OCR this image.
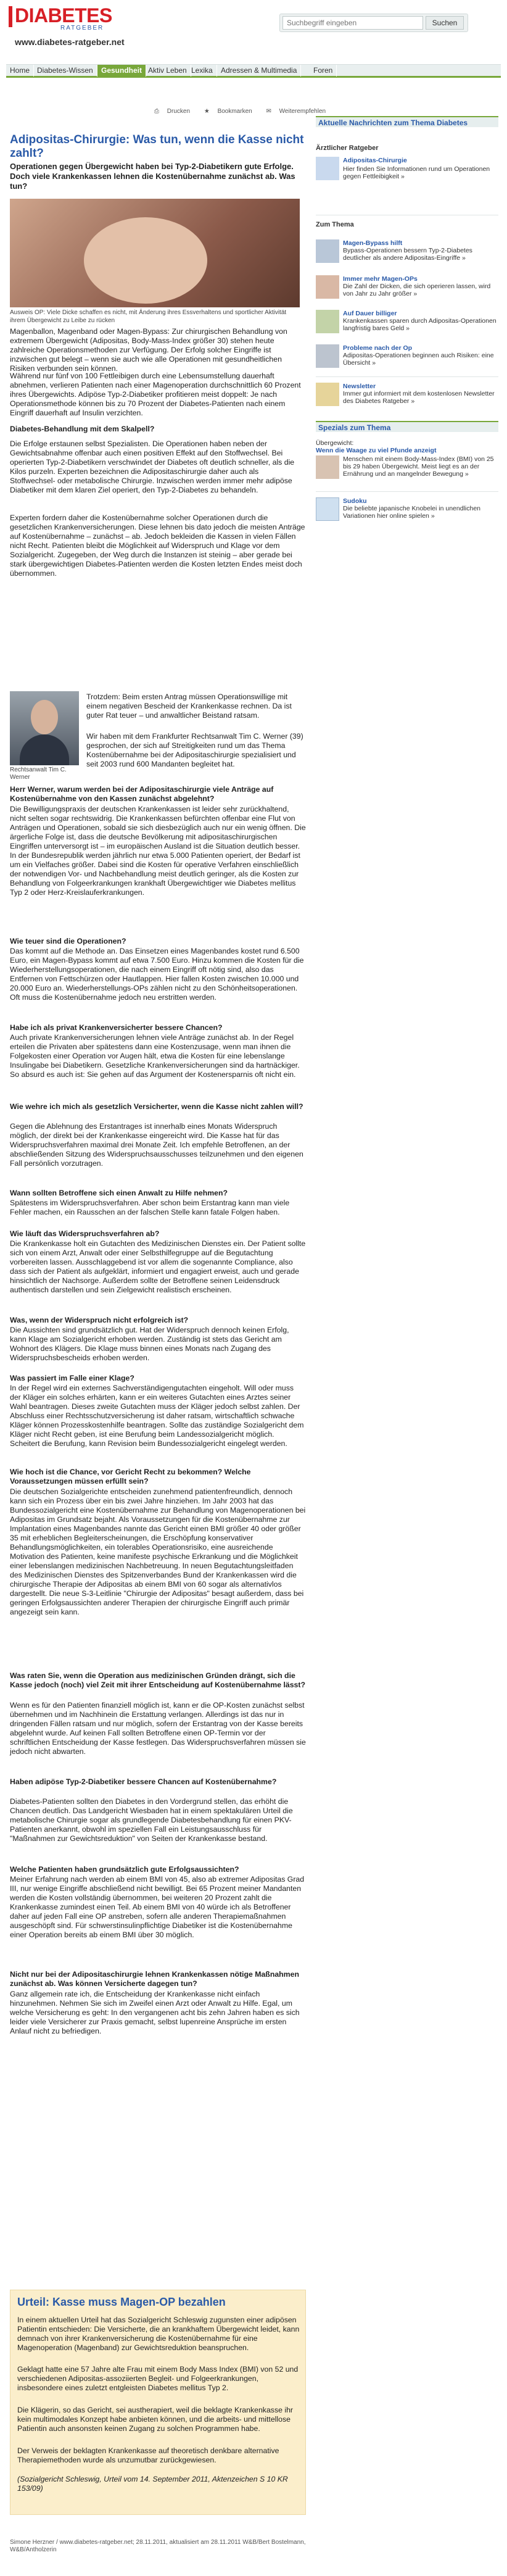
DIABETES
RATGEBER
www.diabetes-ratgeber.net
Suchbegriff eingeben
Suchen
Home Diabetes-Wissen	Gesundheit Aktiv Leben Lexika	Adressen & Multimedia	Foren
⎙ Drucken ★ Bookmarken ✉ Weiterempfehlen
Adipositas-Chirurgie: Was tun, wenn die Kasse nicht zahlt?
Operationen gegen Übergewicht haben bei Typ-2-Diabetikern gute Erfolge. Doch viele Krankenkassen lehnen die Kostenübernahme zunächst ab. Was tun?
Ausweis OP: Viele Dicke schaffen es nicht, mit Änderung ihres Essverhaltens und sportlicher Aktivität ihrem Übergewicht zu Leibe zu rücken
Magenballon, Magenband oder Magen-Bypass: Zur chirurgischen Behandlung von extremem Übergewicht (Adipositas, Body-Mass-Index größer 30) stehen heute zahlreiche Operationsmethoden zur Verfügung. Der Erfolg solcher Eingriffe ist inzwischen gut belegt – wenn sie auch wie alle Operationen mit gesundheitlichen Risiken verbunden sein können.
Während nur fünf von 100 Fettleibigen durch eine Lebensumstellung dauerhaft abnehmen, verlieren Patienten nach einer Magenoperation durchschnittlich 60 Prozent ihres Übergewichts. Adipöse Typ-2-Diabetiker profitieren meist doppelt: Je nach Operationsmethode können bis zu 70 Prozent der Diabetes-Patienten nach einem Eingriff dauerhaft auf Insulin verzichten.
Diabetes-Behandlung mit dem Skalpell?
Die Erfolge erstaunen selbst Spezialisten. Die Operationen haben neben der Gewichtsabnahme offenbar auch einen positiven Effekt auf den Stoffwechsel. Bei operierten Typ-2-Diabetikern verschwindet der Diabetes oft deutlich schneller, als die Kilos purzeln. Experten bezeichnen die Adipositaschirurgie daher auch als Stoffwechsel- oder metabolische Chirurgie. Inzwischen werden immer mehr adipöse Diabetiker mit dem klaren Ziel operiert, den Typ-2-Diabetes zu behandeln.
Experten fordern daher die Kostenübernahme solcher Operationen durch die gesetzlichen Krankenversicherungen. Diese lehnen bis dato jedoch die meisten Anträge auf Kostenübernahme – zunächst – ab. Jedoch bekleiden die Kassen in vielen Fällen nicht Recht. Patienten bleibt die Möglichkeit auf Widerspruch und Klage vor dem Sozialgericht. Zugegeben, der Weg durch die Instanzen ist steinig – aber gerade bei stark übergewichtigen Diabetes-Patienten werden die Kosten letzten Endes meist doch übernommen.
Rechtsanwalt Tim C. Werner
Trotzdem: Beim ersten Antrag müssen Operationswillige mit einem negativen Bescheid der Krankenkasse rechnen. Da ist guter Rat teuer – und anwaltlicher Beistand ratsam.
Wir haben mit dem Frankfurter Rechtsanwalt Tim C. Werner (39) gesprochen, der sich auf Streitigkeiten rund um das Thema Kostenübernahme bei der Adipositaschirurgie spezialisiert und seit 2003 rund 600 Mandanten begleitet hat.
Herr Werner, warum werden bei der Adipositaschirurgie viele Anträge auf Kostenübernahme von den Kassen zunächst abgelehnt?
Die Bewilligungspraxis der deutschen Krankenkassen ist leider sehr zurückhaltend, nicht selten sogar rechtswidrig. Die Krankenkassen befürchten offenbar eine Flut von Anträgen und Operationen, sobald sie sich diesbezüglich auch nur ein wenig öffnen. Die ärgerliche Folge ist, dass die deutsche Bevölkerung mit adipositaschirurgischen Eingriffen unterversorgt ist – im europäischen Ausland ist die Situation deutlich besser. In der Bundesrepublik werden jährlich nur etwa 5.000 Patienten operiert, der Bedarf ist um ein Vielfaches größer. Dabei sind die Kosten für operative Verfahren einschließlich der notwendigen Vor- und Nachbehandlung meist deutlich geringer, als die Kosten zur Behandlung von Folgeerkrankungen krankhaft Übergewichtiger wie Diabetes mellitus Typ 2 oder Herz-Kreislauferkrankungen.
Wie teuer sind die Operationen?
Das kommt auf die Methode an. Das Einsetzen eines Magenbandes kostet rund 6.500 Euro, ein Magen-Bypass kommt auf etwa 7.500 Euro. Hinzu kommen die Kosten für die Wiederherstellungsoperationen, die nach einem Eingriff oft nötig sind, also das Entfernen von Fettschürzen oder Hautlappen. Hier fallen Kosten zwischen 10.000 und 20.000 Euro an. Wiederherstellungs-OPs zählen nicht zu den Schönheitsoperationen. Oft muss die Kostenübernahme jedoch neu erstritten werden.
Habe ich als privat Krankenversicherter bessere Chancen?
Auch private Krankenversicherungen lehnen viele Anträge zunächst ab. In der Regel erteilen die Privaten aber spätestens dann eine Kostenzusage, wenn man ihnen die Folgekosten einer Operation vor Augen hält, etwa die Kosten für eine lebenslange Insulingabe bei Diabetikern. Gesetzliche Krankenversicherungen sind da hartnäckiger. So absurd es auch ist: Sie gehen auf das Argument der Kostenersparnis oft nicht ein.
Wie wehre ich mich als gesetzlich Versicherter, wenn die Kasse nicht zahlen will?
Gegen die Ablehnung des Erstantrages ist innerhalb eines Monats Widerspruch möglich, der direkt bei der Krankenkasse eingereicht wird. Die Kasse hat für das Widerspruchsverfahren maximal drei Monate Zeit. Ich empfehle Betroffenen, an der abschließenden Sitzung des Widerspruchsausschusses teilzunehmen und den eigenen Fall persönlich vorzutragen.
Wann sollten Betroffene sich einen Anwalt zu Hilfe nehmen?
Spätestens im Widerspruchsverfahren. Aber schon beim Erstantrag kann man viele Fehler machen, ein Rausschen an der falschen Stelle kann fatale Folgen haben.
Wie läuft das Widerspruchsverfahren ab?
Die Krankenkasse holt ein Gutachten des Medizinischen Dienstes ein. Der Patient sollte sich von einem Arzt, Anwalt oder einer Selbsthilfegruppe auf die Begutachtung vorbereiten lassen. Ausschlaggebend ist vor allem die sogenannte Compliance, also dass sich der Patient als aufgeklärt, informiert und engagiert erweist, auch und gerade hinsichtlich der Nachsorge. Außerdem sollte der Betroffene seinen Leidensdruck authentisch darstellen und sein Zielgewicht realistisch erscheinen.
Was, wenn der Widerspruch nicht erfolgreich ist?
Die Aussichten sind grundsätzlich gut. Hat der Widerspruch dennoch keinen Erfolg, kann Klage am Sozialgericht erhoben werden. Zuständig ist stets das Gericht am Wohnort des Klägers. Die Klage muss binnen eines Monats nach Zugang des Widerspruchsbescheids erhoben werden.
Was passiert im Falle einer Klage?
In der Regel wird ein externes Sachverständigengutachten eingeholt. Will oder muss der Kläger ein solches erhärten, kann er ein weiteres Gutachten eines Arztes seiner Wahl beantragen. Dieses zweite Gutachten muss der Kläger jedoch selbst zahlen. Der Abschluss einer Rechtsschutzversicherung ist daher ratsam, wirtschaftlich schwache Kläger können Prozesskostenhilfe beantragen. Sollte das zuständige Sozialgericht dem Kläger nicht Recht geben, ist eine Berufung beim Landessozialgericht möglich. Scheitert die Berufung, kann Revision beim Bundessozialgericht eingelegt werden.
Wie hoch ist die Chance, vor Gericht Recht zu bekommen? Welche Voraussetzungen müssen erfüllt sein?
Die deutschen Sozialgerichte entscheiden zunehmend patientenfreundlich, dennoch kann sich ein Prozess über ein bis zwei Jahre hinziehen. Im Jahr 2003 hat das Bundessozialgericht eine Kostenübernahme zur Behandlung von Magenoperationen bei Adipositas im Grundsatz bejaht. Als Voraussetzungen für die Kostenübernahme zur Implantation eines Magenbandes nannte das Gericht einen BMI größer 40 oder größer 35 mit erheblichen Begleiterscheinungen, die Erschöpfung konservativer Behandlungsmöglichkeiten, ein tolerables Operationsrisiko, eine ausreichende Motivation des Patienten, keine manifeste psychische Erkrankung und die Möglichkeit einer lebenslangen medizinischen Nachbetreuung. In neuen Begutachtungsleitfaden des Medizinischen Dienstes des Spitzenverbandes Bund der Krankenkassen wird die chirurgische Therapie der Adipositas ab einem BMI von 60 sogar als alternativlos dargestellt. Die neue S-3-Leitlinie "Chirurgie der Adipositas" besagt außerdem, dass bei geringen Erfolgsaussichten anderer Therapien der chirurgische Eingriff auch primär angezeigt sein kann.
Was raten Sie, wenn die Operation aus medizinischen Gründen drängt, sich die Kasse jedoch (noch) viel Zeit mit ihrer Entscheidung auf Kostenübernahme lässt?
Wenn es für den Patienten finanziell möglich ist, kann er die OP-Kosten zunächst selbst übernehmen und im Nachhinein die Erstattung verlangen. Allerdings ist das nur in dringenden Fällen ratsam und nur möglich, sofern der Erstantrag von der Kasse bereits abgelehnt wurde. Auf keinen Fall sollten Betroffene einen OP-Termin vor der schriftlichen Entscheidung der Kasse festlegen. Das Widerspruchsverfahren müssen sie jedoch nicht abwarten.
Haben adipöse Typ-2-Diabetiker bessere Chancen auf Kostenübernahme?
Diabetes-Patienten sollten den Diabetes in den Vordergrund stellen, das erhöht die Chancen deutlich. Das Landgericht Wiesbaden hat in einem spektakulären Urteil die metabolische Chirurgie sogar als grundlegende Diabetesbehandlung für einen PKV-Patienten anerkannt, obwohl im speziellen Fall ein Leistungsausschluss für "Maßnahmen zur Gewichtsreduktion" von Seiten der Krankenkasse bestand.
Welche Patienten haben grundsätzlich gute Erfolgsaussichten?
Meiner Erfahrung nach werden ab einem BMI von 45, also ab extremer Adipositas Grad III, nur wenige Eingriffe abschließend nicht bewilligt. Bei 65 Prozent meiner Mandanten werden die Kosten vollständig übernommen, bei weiteren 20 Prozent zahlt die Krankenkasse zumindest einen Teil. Ab einem BMI von 40 würde ich als Betroffener daher auf jeden Fall eine OP anstreben, sofern alle anderen Therapiemaßnahmen ausgeschöpft sind. Für schwerstinsulinpflichtige Diabetiker ist die Kostenübernahme einer Operation bereits ab einem BMI über 30 möglich.
Nicht nur bei der Adipositaschirurgie lehnen Krankenkassen nötige Maßnahmen zunächst ab. Was können Versicherte dagegen tun?
Ganz allgemein rate ich, die Entscheidung der Krankenkasse nicht einfach hinzunehmen. Nehmen Sie sich im Zweifel einen Arzt oder Anwalt zu Hilfe. Egal, um welche Versicherung es geht: In den vergangenen acht bis zehn Jahren haben es sich leider viele Versicherer zur Praxis gemacht, selbst lupenreine Ansprüche im ersten Anlauf nicht zu befriedigen.
Urteil: Kasse muss Magen-OP bezahlen
In einem aktuellen Urteil hat das Sozialgericht Schleswig zugunsten einer adipösen Patientin entschieden: Die Versicherte, die an krankhaftem Übergewicht leidet, kann demnach von ihrer Krankenversicherung die Kostenübernahme für eine Magenoperation (Magenband) zur Gewichtsreduktion beanspruchen.
Geklagt hatte eine 57 Jahre alte Frau mit einem Body Mass Index (BMI) von 52 und verschiedenen Adipositas-assoziierten Begleit- und Folgeerkrankungen, insbesondere eines zuletzt entgleisten Diabetes mellitus Typ 2.
Die Klägerin, so das Gericht, sei austherapiert, weil die beklagte Krankenkasse ihr kein multimodales Konzept habe anbieten können, und die arbeits- und mittellose Patientin auch ansonsten keinen Zugang zu solchen Programmen habe.
Der Verweis der beklagten Krankenkasse auf theoretisch denkbare alternative Therapiemethoden wurde als unzumutbar zurückgewiesen.
(Sozialgericht Schleswig, Urteil vom 14. September 2011, Aktenzeichen S 10 KR 153/09)
Simone Herzner / www.diabetes-ratgeber.net; 28.11.2011, aktualisiert am 28.11.2011 W&B/Bert Bostelmann, W&B/Antholzerin
Aktuelle Nachrichten zum Thema Diabetes
Ärztlicher Ratgeber
Adipositas-Chirurgie
Hier finden Sie Informationen rund um Operationen gegen Fettleibigkeit »
Zum Thema
Magen-Bypass hilft
Bypass-Operationen bessern Typ-2-Diabetes deutlicher als andere Adipositas-Eingriffe »
Immer mehr Magen-OPs
Die Zahl der Dicken, die sich operieren lassen, wird von Jahr zu Jahr größer »
Auf Dauer billiger
Krankenkassen sparen durch Adipositas-Operationen langfristig bares Geld »
Probleme nach der Op
Adipositas-Operationen beginnen auch Risiken: eine Übersicht »
Newsletter
Immer gut informiert mit dem kostenlosen Newsletter des Diabetes Ratgeber »
Spezials zum Thema
Übergewicht:
Wenn die Waage zu viel Pfunde anzeigt
Menschen mit einem Body-Mass-Index (BMI) von 25 bis 29 haben Übergewicht. Meist liegt es an der Ernährung und an mangelnder Bewegung »
Sudoku
Die beliebte japanische Knobelei in unendlichen Variationen hier online spielen »
